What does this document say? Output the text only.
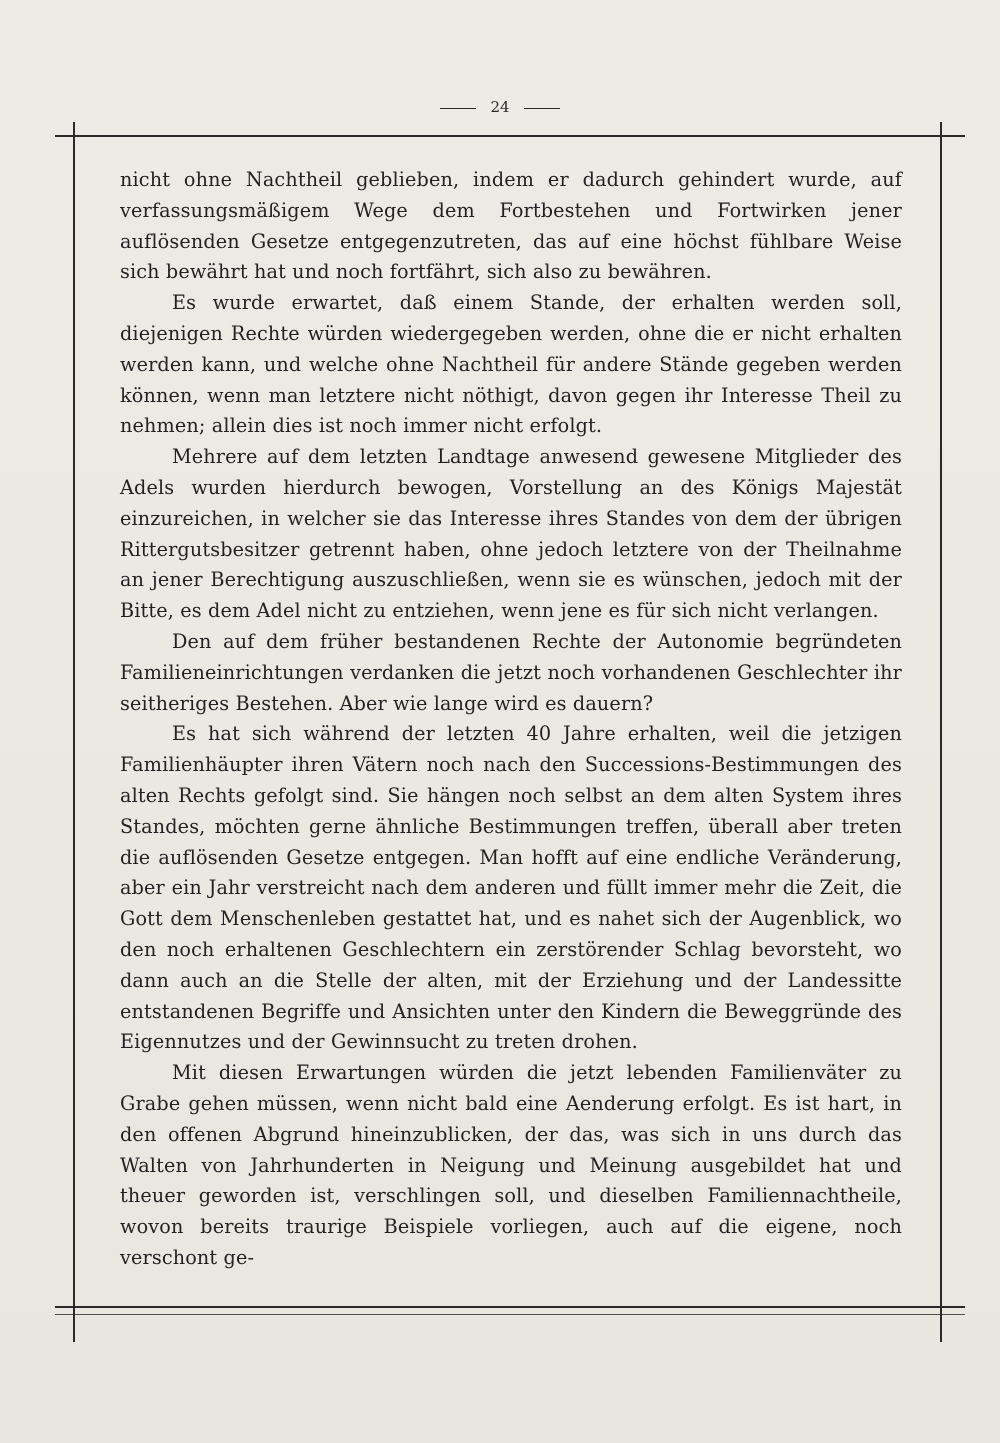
24

nicht ohne Nachtheil geblieben, indem er dadurch gehindert wurde, auf verfassungsmäßigem Wege dem Fortbestehen und Fortwirken jener auflösenden Gesetze entgegenzutreten, das auf eine höchst fühlbare Weise sich bewährt hat und noch fortfährt, sich also zu bewähren.

Es wurde erwartet, daß einem Stande, der erhalten werden soll, diejenigen Rechte würden wiedergegeben werden, ohne die er nicht erhalten werden kann, und welche ohne Nachtheil für andere Stände gegeben werden können, wenn man letztere nicht nöthigt, davon gegen ihr Interesse Theil zu nehmen; allein dies ist noch immer nicht erfolgt.

Mehrere auf dem letzten Landtage anwesend gewesene Mitglieder des Adels wurden hierdurch bewogen, Vorstellung an des Königs Majestät einzureichen, in welcher sie das Interesse ihres Standes von dem der übrigen Rittergutsbesitzer getrennt haben, ohne jedoch letztere von der Theilnahme an jener Berechtigung auszuschließen, wenn sie es wünschen, jedoch mit der Bitte, es dem Adel nicht zu entziehen, wenn jene es für sich nicht verlangen.

Den auf dem früher bestandenen Rechte der Autonomie begründeten Familieneinrichtungen verdanken die jetzt noch vorhandenen Geschlechter ihr seitheriges Bestehen. Aber wie lange wird es dauern?

Es hat sich während der letzten 40 Jahre erhalten, weil die jetzigen Familienhäupter ihren Vätern noch nach den Successions-Bestimmungen des alten Rechts gefolgt sind. Sie hängen noch selbst an dem alten System ihres Standes, möchten gerne ähnliche Bestimmungen treffen, überall aber treten die auflösenden Gesetze entgegen. Man hofft auf eine endliche Veränderung, aber ein Jahr verstreicht nach dem anderen und füllt immer mehr die Zeit, die Gott dem Menschenleben gestattet hat, und es nahet sich der Augenblick, wo den noch erhaltenen Geschlechtern ein zerstörender Schlag bevorsteht, wo dann auch an die Stelle der alten, mit der Erziehung und der Landessitte entstandenen Begriffe und Ansichten unter den Kindern die Beweggründe des Eigennutzes und der Gewinnsucht zu treten drohen.

Mit diesen Erwartungen würden die jetzt lebenden Familienväter zu Grabe gehen müssen, wenn nicht bald eine Aenderung erfolgt. Es ist hart, in den offenen Abgrund hineinzublicken, der das, was sich in uns durch das Walten von Jahrhunderten in Neigung und Meinung ausgebildet hat und theuer geworden ist, verschlingen soll, und dieselben Familiennachtheile, wovon bereits traurige Beispiele vorliegen, auch auf die eigene, noch verschont ge-
